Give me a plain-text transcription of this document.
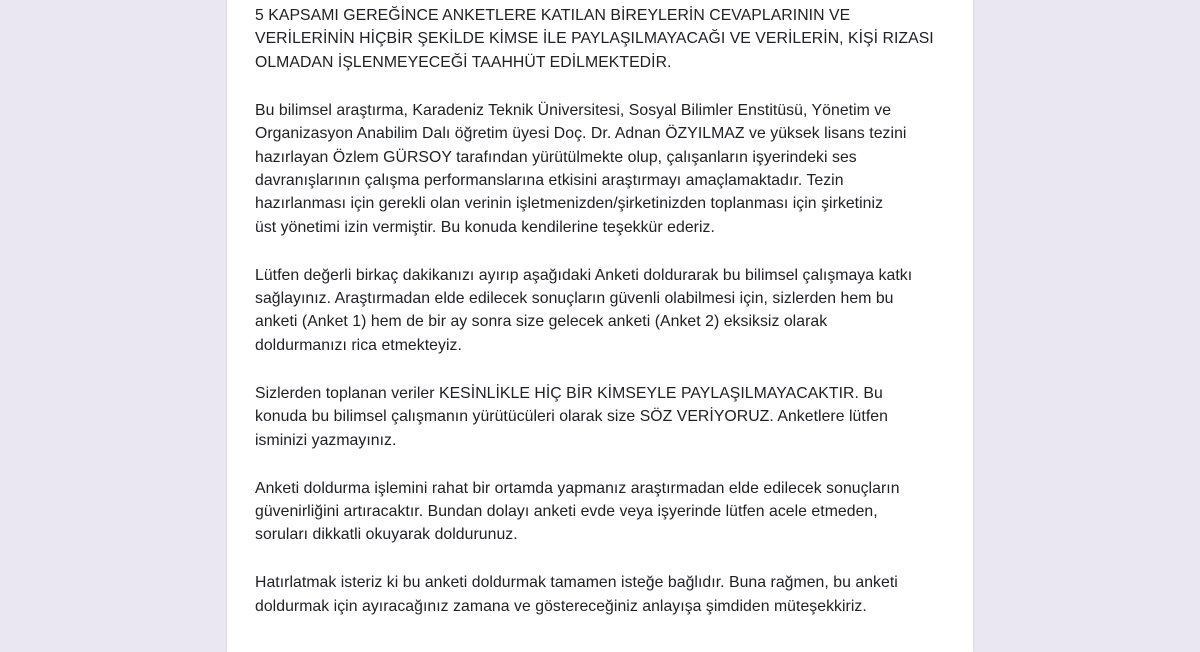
5 KAPSAMI GEREĞİNCE ANKETLERE KATILAN BİREYLERİN CEVAPLARININ VE
VERİLERİNİN HİÇBİR ŞEKİLDE KİMSE İLE PAYLAŞILMAYACAĞI VE VERİLERİN, KİŞİ RIZASI
OLMADAN İŞLENMEYECEĞİ TAAHHÜT EDİLMEKTEDİR.

Bu bilimsel araştırma, Karadeniz Teknik Üniversitesi, Sosyal Bilimler Enstitüsü, Yönetim ve
Organizasyon Anabilim Dalı öğretim üyesi Doç. Dr. Adnan ÖZYILMAZ ve yüksek lisans tezini
hazırlayan Özlem GÜRSOY tarafından yürütülmekte olup, çalışanların işyerindeki ses
davranışlarının çalışma performanslarına etkisini araştırmayı amaçlamaktadır. Tezin
hazırlanması için gerekli olan verinin işletmenizden/şirketinizden toplanması için şirketiniz
üst yönetimi izin vermiştir. Bu konuda kendilerine teşekkür ederiz.

Lütfen değerli birkaç dakikanızı ayırıp aşağıdaki Anketi doldurarak bu bilimsel çalışmaya katkı
sağlayınız. Araştırmadan elde edilecek sonuçların güvenli olabilmesi için, sizlerden hem bu
anketi (Anket 1) hem de bir ay sonra size gelecek anketi (Anket 2) eksiksiz olarak
doldurmanızı rica etmekteyiz.

Sizlerden toplanan veriler KESİNLİKLE HİÇ BİR KİMSEYLE PAYLAŞILMAYACAKTIR. Bu
konuda bu bilimsel çalışmanın yürütücüleri olarak size SÖZ VERİYORUZ. Anketlere lütfen
isminizi yazmayınız.

Anketi doldurma işlemini rahat bir ortamda yapmanız araştırmadan elde edilecek sonuçların
güvenirliğini artıracaktır. Bundan dolayı anketi evde veya işyerinde lütfen acele etmeden,
soruları dikkatli okuyarak doldurunuz.

Hatırlatmak isteriz ki bu anketi doldurmak tamamen isteğe bağlıdır. Buna rağmen, bu anketi
doldurmak için ayıracağınız zamana ve göstereceğiniz anlayışa şimdiden müteşekkiriz.
